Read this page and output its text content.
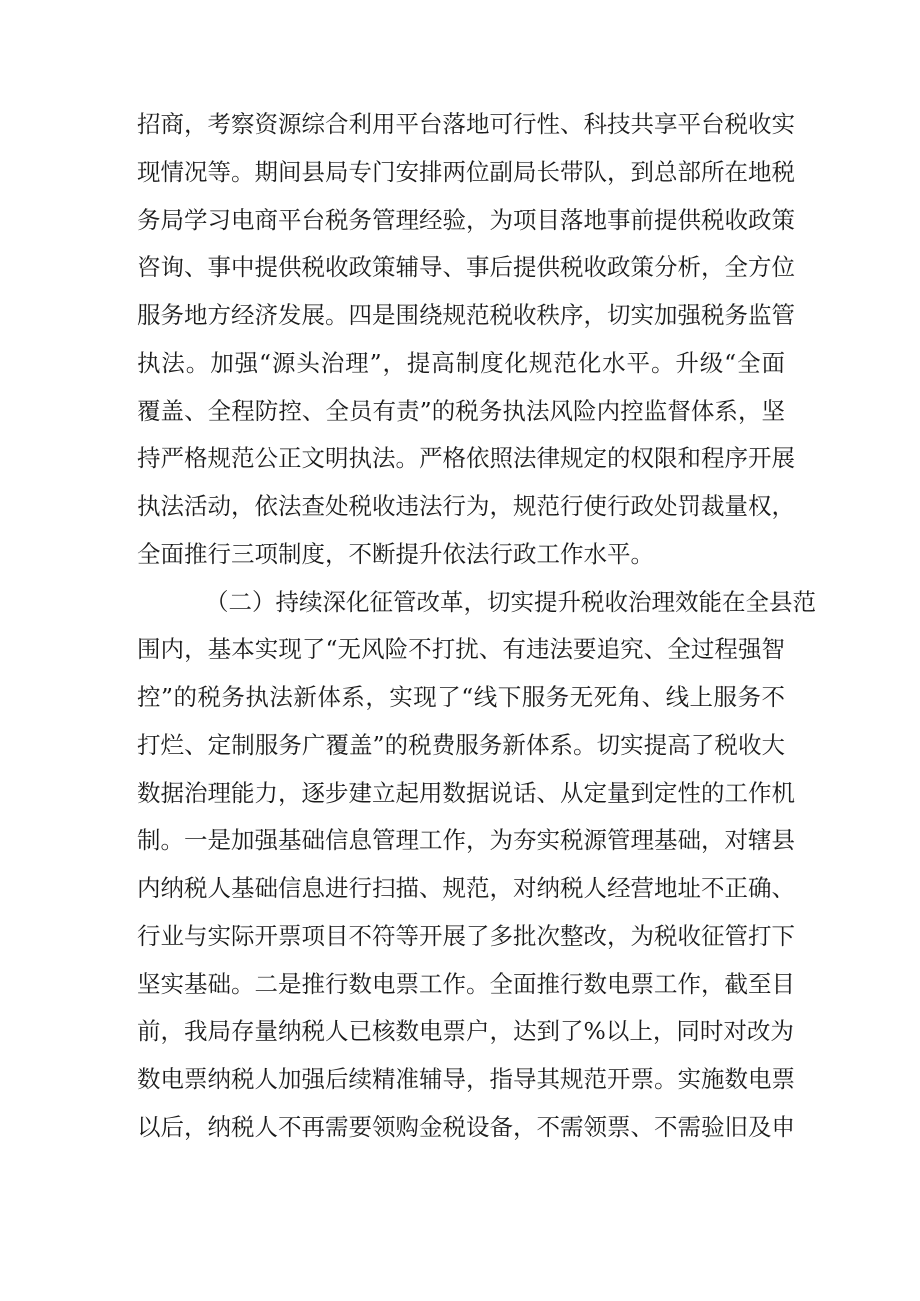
招商，考察资源综合利用平台落地可行性、科技共享平台税收实
现情况等。期间县局专门安排两位副局长带队，到总部所在地税
务局学习电商平台税务管理经验，为项目落地事前提供税收政策
咨询、事中提供税收政策辅导、事后提供税收政策分析，全方位
服务地方经济发展。四是围绕规范税收秩序，切实加强税务监管
执法。加强“源头治理”，提高制度化规范化水平。升级“全面
覆盖、全程防控、全员有责”的税务执法风险内控监督体系，坚
持严格规范公正文明执法。严格依照法律规定的权限和程序开展
执法活动，依法查处税收违法行为，规范行使行政处罚裁量权，
全面推行三项制度，不断提升依法行政工作水平。
（二）持续深化征管改革，切实提升税收治理效能在全县范
围内，基本实现了“无风险不打扰、有违法要追究、全过程强智
控”的税务执法新体系，实现了“线下服务无死角、线上服务不
打烂、定制服务广覆盖”的税费服务新体系。切实提高了税收大
数据治理能力，逐步建立起用数据说话、从定量到定性的工作机
制。一是加强基础信息管理工作，为夯实税源管理基础，对辖县
内纳税人基础信息进行扫描、规范，对纳税人经营地址不正确、
行业与实际开票项目不符等开展了多批次整改，为税收征管打下
坚实基础。二是推行数电票工作。全面推行数电票工作，截至目
前，我局存量纳税人已核数电票户，达到了%以上，同时对改为
数电票纳税人加强后续精准辅导，指导其规范开票。实施数电票
以后，纳税人不再需要领购金税设备，不需领票、不需验旧及申
